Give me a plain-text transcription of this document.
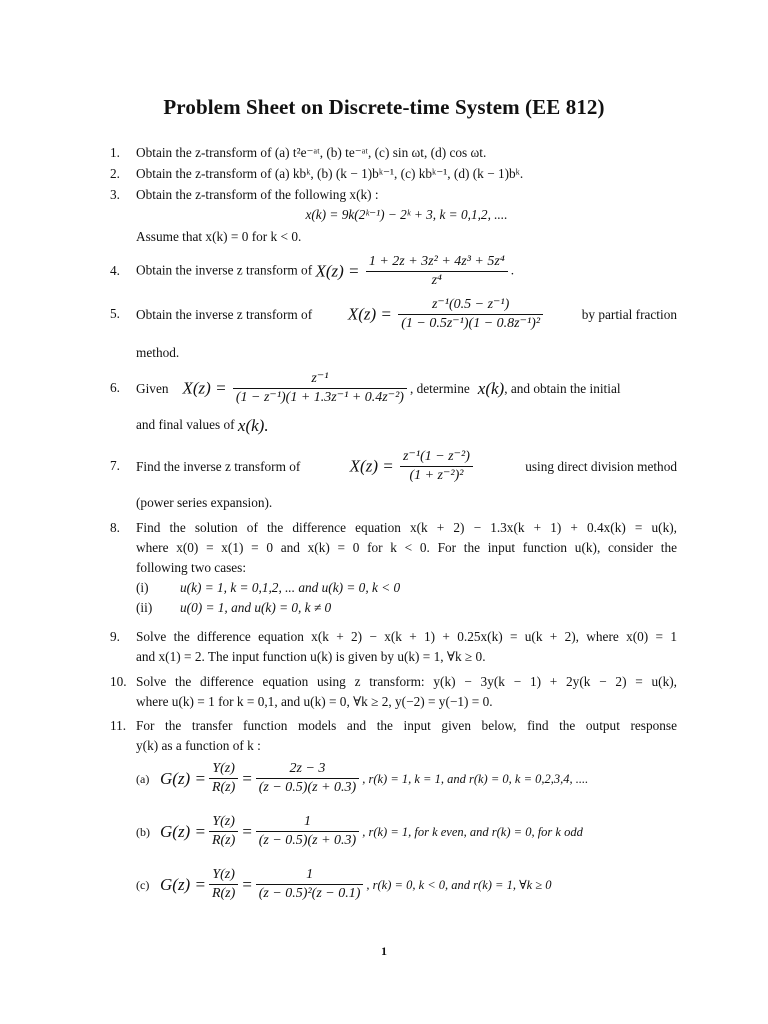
Problem Sheet on Discrete-time System (EE 812)
1.	Obtain the z-transform of (a) t²e⁻ᵃᵗ, (b) te⁻ᵃᵗ, (c) sin ωt, (d) cos ωt.
2.	Obtain the z-transform of (a) kbᵏ, (b) (k − 1)bᵏ⁻¹, (c) kbᵏ⁻¹, (d) (k − 1)bᵏ.
3.	Obtain the z-transform of the following x(k) :
x(k) = 9k(2ᵏ⁻¹) − 2ᵏ + 3, k = 0,1,2, ....
Assume that x(k) = 0 for k < 0.
4.	Obtain the inverse z transform of $X(z) = \frac{\text{1 + 2z + 3z² + 4z³ + 5z⁴}}{\text{z⁴}}$ .
5.	Obtain the inverse z transform of $X(z) = \frac{\text{z⁻¹(0.5 − z⁻¹)}}{\text{(1 − 0.5z⁻¹)(1 − 0.8z⁻¹)²}}$	by partial fraction
method.
6.	Given $X(z) = \frac{\text{z⁻¹}}{\text{(1 − z⁻¹)(1 + 1.3z⁻¹ + 0.4z⁻²)}}$ , determine x(k) , and obtain the initial
and final values of x(k).
7.	Find the inverse z transform of	$X(z) = \frac{\text{z⁻¹(1 − z⁻²)}}{\text{(1 + z⁻²)²}}$	using direct division method
(power series expansion).
8.	Find the solution of the difference equation x(k + 2) − 1.3x(k + 1) + 0.4x(k) = u(k),
where x(0) = x(1) = 0 and x(k) = 0 for k < 0. For the input function u(k), consider the
following two cases:
(i) u(k) = 1, k = 0,1,2, ... and u(k) = 0, k < 0
(ii) u(0) = 1, and u(k) = 0, k ≠ 0
9.	Solve the difference equation x(k + 2) − x(k + 1) + 0.25x(k) = u(k + 2), where x(0) = 1
and x(1) = 2. The input function u(k) is given by u(k) = 1, ∀k ≥ 0.
10. Solve the difference equation using z transform: y(k) − 3y(k − 1) + 2y(k − 2) = u(k),
where u(k) = 1 for k = 0,1, and u(k) = 0, ∀k ≥ 2, y(−2) = y(−1) = 0.
11. For the transfer function models and the input given below, find the output response
y(k) as a function of k :
(a) $G(z) = \frac{Y(z)}{R(z)} = \frac{2z - 3}{(z - 0.5)(z + 0.3)}$ , r(k) = 1, k = 1, and r(k) = 0, k = 0,2,3,4, ....
(b) $G(z) = \frac{Y(z)}{R(z)} = \frac{1}{(z - 0.5)(z + 0.3)}$ , r(k) = 1, for k even, and r(k) = 0, for k odd
(c) $G(z) = \frac{Y(z)}{R(z)} = \frac{1}{\text{(z − 0.5)²(z − 0.1)}}$ , r(k) = 0, k < 0, and r(k) = 1, ∀k ≥ 0
1
